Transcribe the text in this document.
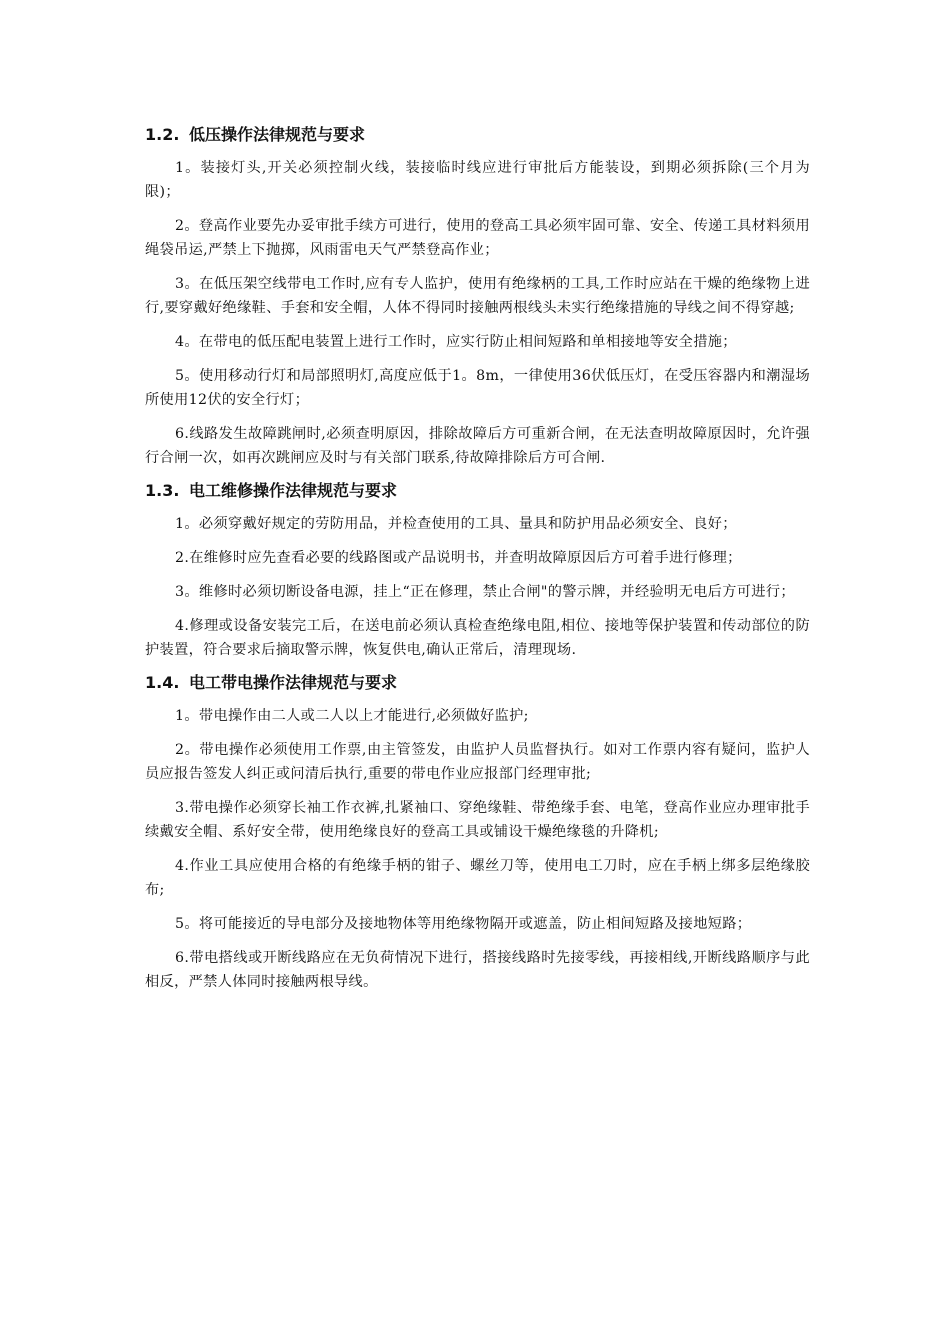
1.2. 低压操作法律规范与要求

1。装接灯头,开关必须控制火线，装接临时线应进行审批后方能装设，到期必须拆除(三个月为限)；

2。登高作业要先办妥审批手续方可进行，使用的登高工具必须牢固可靠、安全、传递工具材料须用绳袋吊运,严禁上下抛掷，风雨雷电天气严禁登高作业；

3。在低压架空线带电工作时,应有专人监护，使用有绝缘柄的工具,工作时应站在干燥的绝缘物上进行,要穿戴好绝缘鞋、手套和安全帽，人体不得同时接触两根线头未实行绝缘措施的导线之间不得穿越;

4。在带电的低压配电装置上进行工作时，应实行防止相间短路和单相接地等安全措施；

5。使用移动行灯和局部照明灯,高度应低于1。8m，一律使用36伏低压灯，在受压容器内和潮湿场所使用12伏的安全行灯；

6.线路发生故障跳闸时,必须查明原因，排除故障后方可重新合闸，在无法查明故障原因时，允许强行合闸一次，如再次跳闸应及时与有关部门联系,待故障排除后方可合闸.

1.3. 电工维修操作法律规范与要求

1。必须穿戴好规定的劳防用品，并检查使用的工具、量具和防护用品必须安全、良好；

2.在维修时应先查看必要的线路图或产品说明书，并查明故障原因后方可着手进行修理；

3。维修时必须切断设备电源，挂上“正在修理，禁止合闸"的警示牌，并经验明无电后方可进行；

4.修理或设备安装完工后，在送电前必须认真检查绝缘电阻,相位、接地等保护装置和传动部位的防护装置，符合要求后摘取警示牌，恢复供电,确认正常后，清理现场.

1.4. 电工带电操作法律规范与要求

1。带电操作由二人或二人以上才能进行,必须做好监护;

2。带电操作必须使用工作票,由主管签发，由监护人员监督执行。如对工作票内容有疑问，监护人员应报告签发人纠正或问清后执行,重要的带电作业应报部门经理审批;

3.带电操作必须穿长袖工作衣裤,扎紧袖口、穿绝缘鞋、带绝缘手套、电笔，登高作业应办理审批手续戴安全帽、系好安全带，使用绝缘良好的登高工具或铺设干燥绝缘毯的升降机;

4.作业工具应使用合格的有绝缘手柄的钳子、螺丝刀等，使用电工刀时，应在手柄上绑多层绝缘胶布;

5。将可能接近的导电部分及接地物体等用绝缘物隔开或遮盖，防止相间短路及接地短路；

6.带电搭线或开断线路应在无负荷情况下进行，搭接线路时先接零线，再接相线,开断线路顺序与此相反，严禁人体同时接触两根导线。
